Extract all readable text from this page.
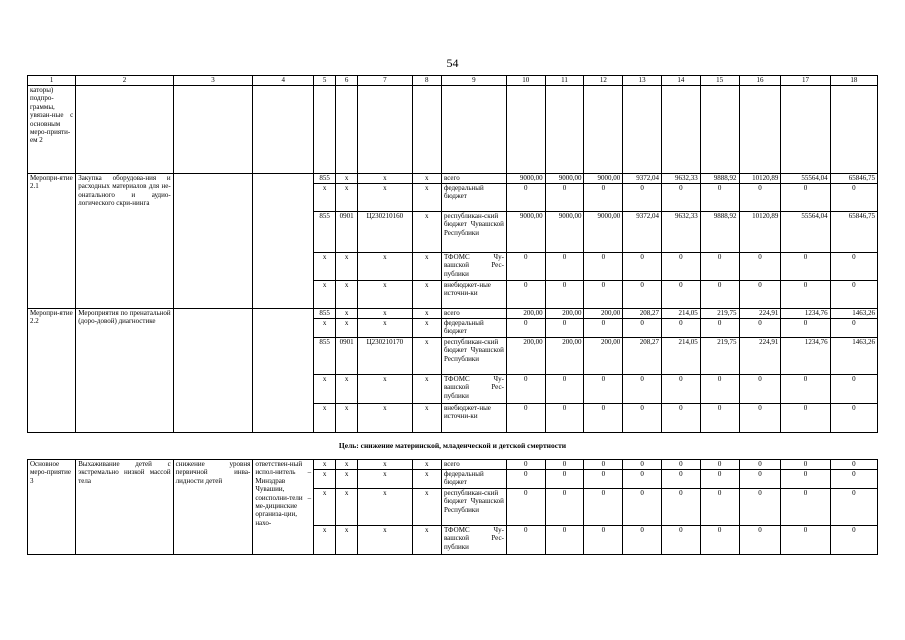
54
1	2	3	4	5	6	7	8	9	10	11	12	13	14	15	16	17	18
каторы) подпро-граммы, увязан-ные с основным меро-прияти-ем 2																	
Меропри-ятие 2.1	Закупка оборудова-ния и расходных материалов для не-онатального и аудио-логического скри-нинга			855	x	x	x	всего	9000,00	9000,00	9000,00	9372,04	9632,33	9888,92	10120,89	55564,04	65846,75
				x	x	x	x	федеральный бюджет	0	0	0	0	0	0	0	0	0
				855	0901	Ц230210160	x	республикан-ский бюджет Чувашской Республики	9000,00	9000,00	9000,00	9372,04	9632,33	9888,92	10120,89	55564,04	65846,75
				x	x	x	x	ТФОМС Чу-вашской Рес-публики	0	0	0	0	0	0	0	0	0
				x	x	x	x	внебюджет-ные источни-ки	0	0	0	0	0	0	0	0	0
Меропри-ятие 2.2	Мероприятия по пренатальной (доро-довой) диагностике			855	x	x	x	всего	200,00	200,00	200,00	208,27	214,05	219,75	224,91	1234,76	1463,26
				x	x	x	x	федеральный бюджет	0	0	0	0	0	0	0	0	0
				855	0901	Ц230210170	x	республикан-ский бюджет Чувашской Республики	200,00	200,00	200,00	208,27	214,05	219,75	224,91	1234,76	1463,26
				x	x	x	x	ТФОМС Чу-вашской Рес-публики	0	0	0	0	0	0	0	0	0
				x	x	x	x	внебюджет-ные источни-ки	0	0	0	0	0	0	0	0	0
Цель: снижение материнской, младенческой и детской смертности																	
Основное меро-приятие 3	Выхаживание детей с экстремально низкой массой тела	снижение уровня первичной инва-лидности детей	ответствен-ный испол-нитель – Минздрав Чувашии, соисполни-тели – ме-дицинские организа-ции, нахо-	x	x	x	x	всего	0	0	0	0	0	0	0	0	0
				x	x	x	x	федеральный бюджет	0	0	0	0	0	0	0	0	0
				x	x	x	x	республикан-ский бюджет Чувашской Республики	0	0	0	0	0	0	0	0	0
				x	x	x	x	ТФОМС Чу-вашской Рес-публики	0	0	0	0	0	0	0	0	0
